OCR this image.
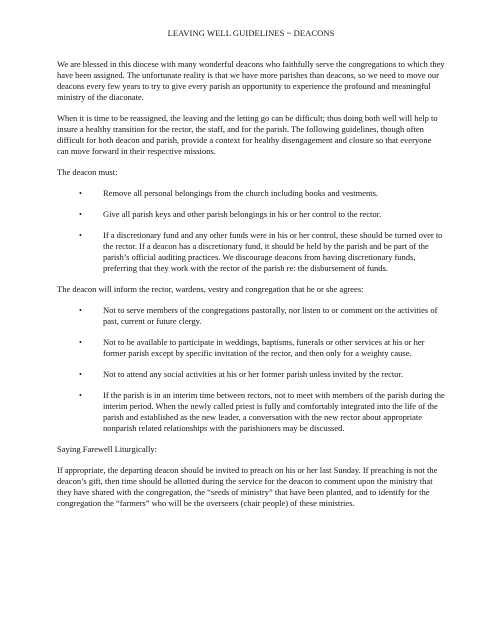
LEAVING WELL GUIDELINES ~ DEACONS

We are blessed in this diocese with many wonderful deacons who faithfully serve the congregations to which they have been assigned. The unfortunate reality is that we have more parishes than deacons, so we need to move our deacons every few years to try to give every parish an opportunity to experience the profound and meaningful ministry of the diaconate.

When it is time to be reassigned, the leaving and the letting go can be difficult; thus doing both well will help to insure a healthy transition for the rector, the staff, and for the parish. The following guidelines, though often difficult for both deacon and parish, provide a context for healthy disengagement and closure so that everyone can move forward in their respective missions.

The deacon must:

• Remove all personal belongings from the church including books and vestments.
• Give all parish keys and other parish belongings in his or her control to the rector.
• If a discretionary fund and any other funds were in his or her control, these should be turned over to the rector. If a deacon has a discretionary fund, it should be held by the parish and be part of the parish’s official auditing practices. We discourage deacons from having discretionary funds, preferring that they work with the rector of the parish re: the disbursement of funds.

The deacon will inform the rector, wardens, vestry and congregation that he or she agrees:

• Not to serve members of the congregations pastorally, nor listen to or comment on the activities of past, current or future clergy.
• Not to be available to participate in weddings, baptisms, funerals or other services at his or her former parish except by specific invitation of the rector, and then only for a weighty cause.
• Not to attend any social activities at his or her former parish unless invited by the rector.
• If the parish is in an interim time between rectors, not to meet with members of the parish during the interim period. When the newly called priest is fully and comfortably integrated into the life of the parish and established as the new leader, a conversation with the new rector about appropriate nonparish related relationships with the parishioners may be discussed.

Saying Farewell Liturgically:

If appropriate, the departing deacon should be invited to preach on his or her last Sunday. If preaching is not the deacon’s gift, then time should be allotted during the service for the deacon to comment upon the ministry that they have shared with the congregation, the “seeds of ministry” that have been planted, and to identify for the congregation the “farmers” who will be the overseers (chair people) of these ministries.
